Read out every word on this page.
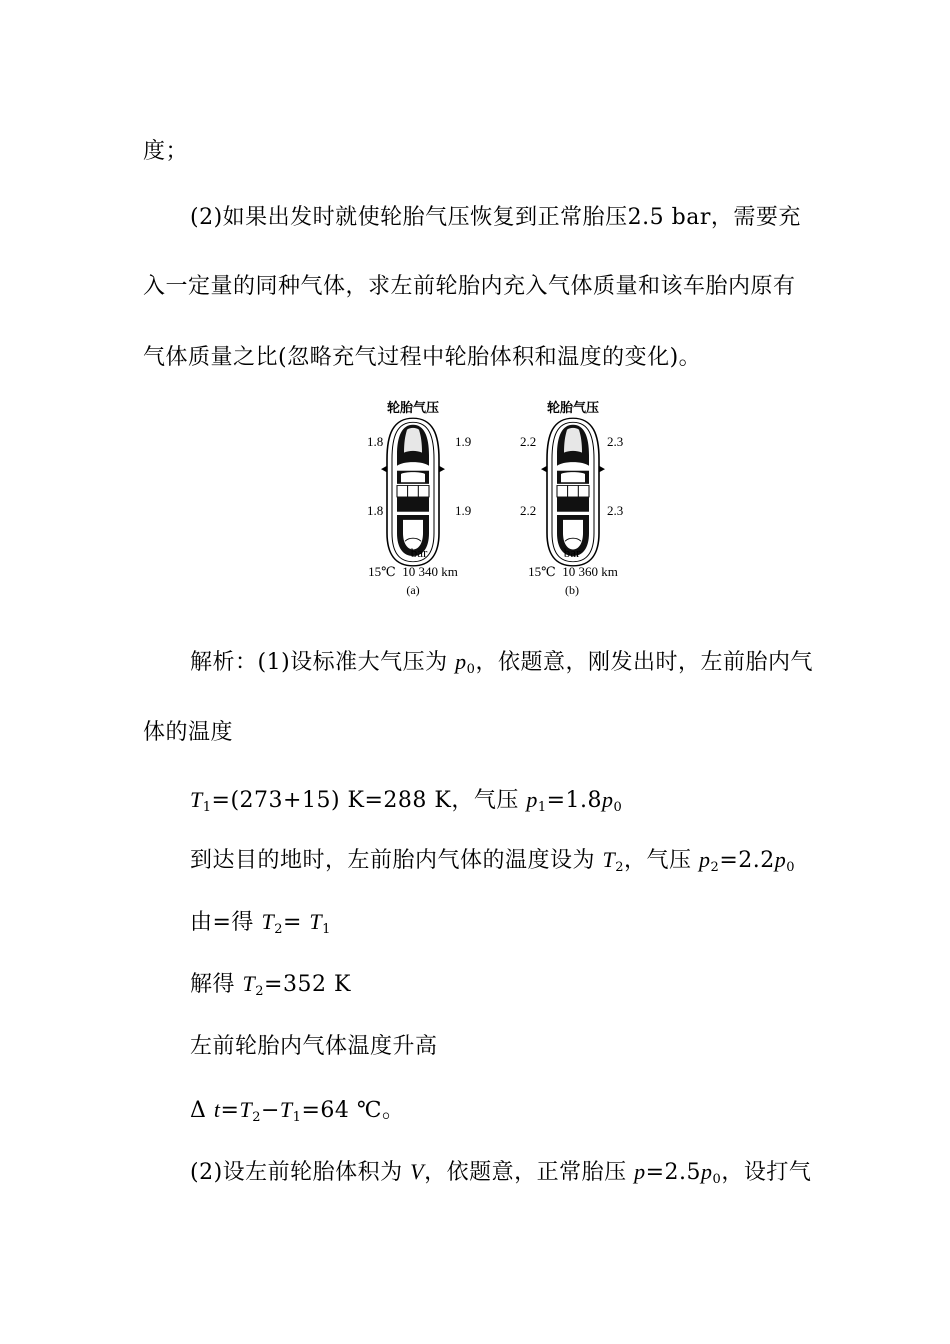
度；
(2)如果出发时就使轮胎气压恢复到正常胎压2.5 bar，需要充
入一定量的同种气体，求左前轮胎内充入气体质量和该车胎内原有
气体质量之比(忽略充气过程中轮胎体积和温度的变化)。
轮胎气压
1.8	1.9
1.8	1.9
bar
15℃  10 340 km
(a)
轮胎气压
2.2	2.3
2.2	2.3
bar
15℃  10 360 km
(b)
解析：(1)设标准大气压为 $p_0$，依题意，刚发出时，左前胎内气
体的温度
$T_1=(273+15)$ K=288 K，气压 $p_1=1.8p_0$
到达目的地时，左前胎内气体的温度设为 $T_2$，气压 $p_2=2.2p_0$
由=得 $T_2= T_1$
解得 $T_2=352$ K
左前轮胎内气体温度升高
Δ $t=T_2-T_1=64$ ℃。
(2)设左前轮胎体积为 V，依题意，正常胎压 $p=2.5p_0$，设打气
